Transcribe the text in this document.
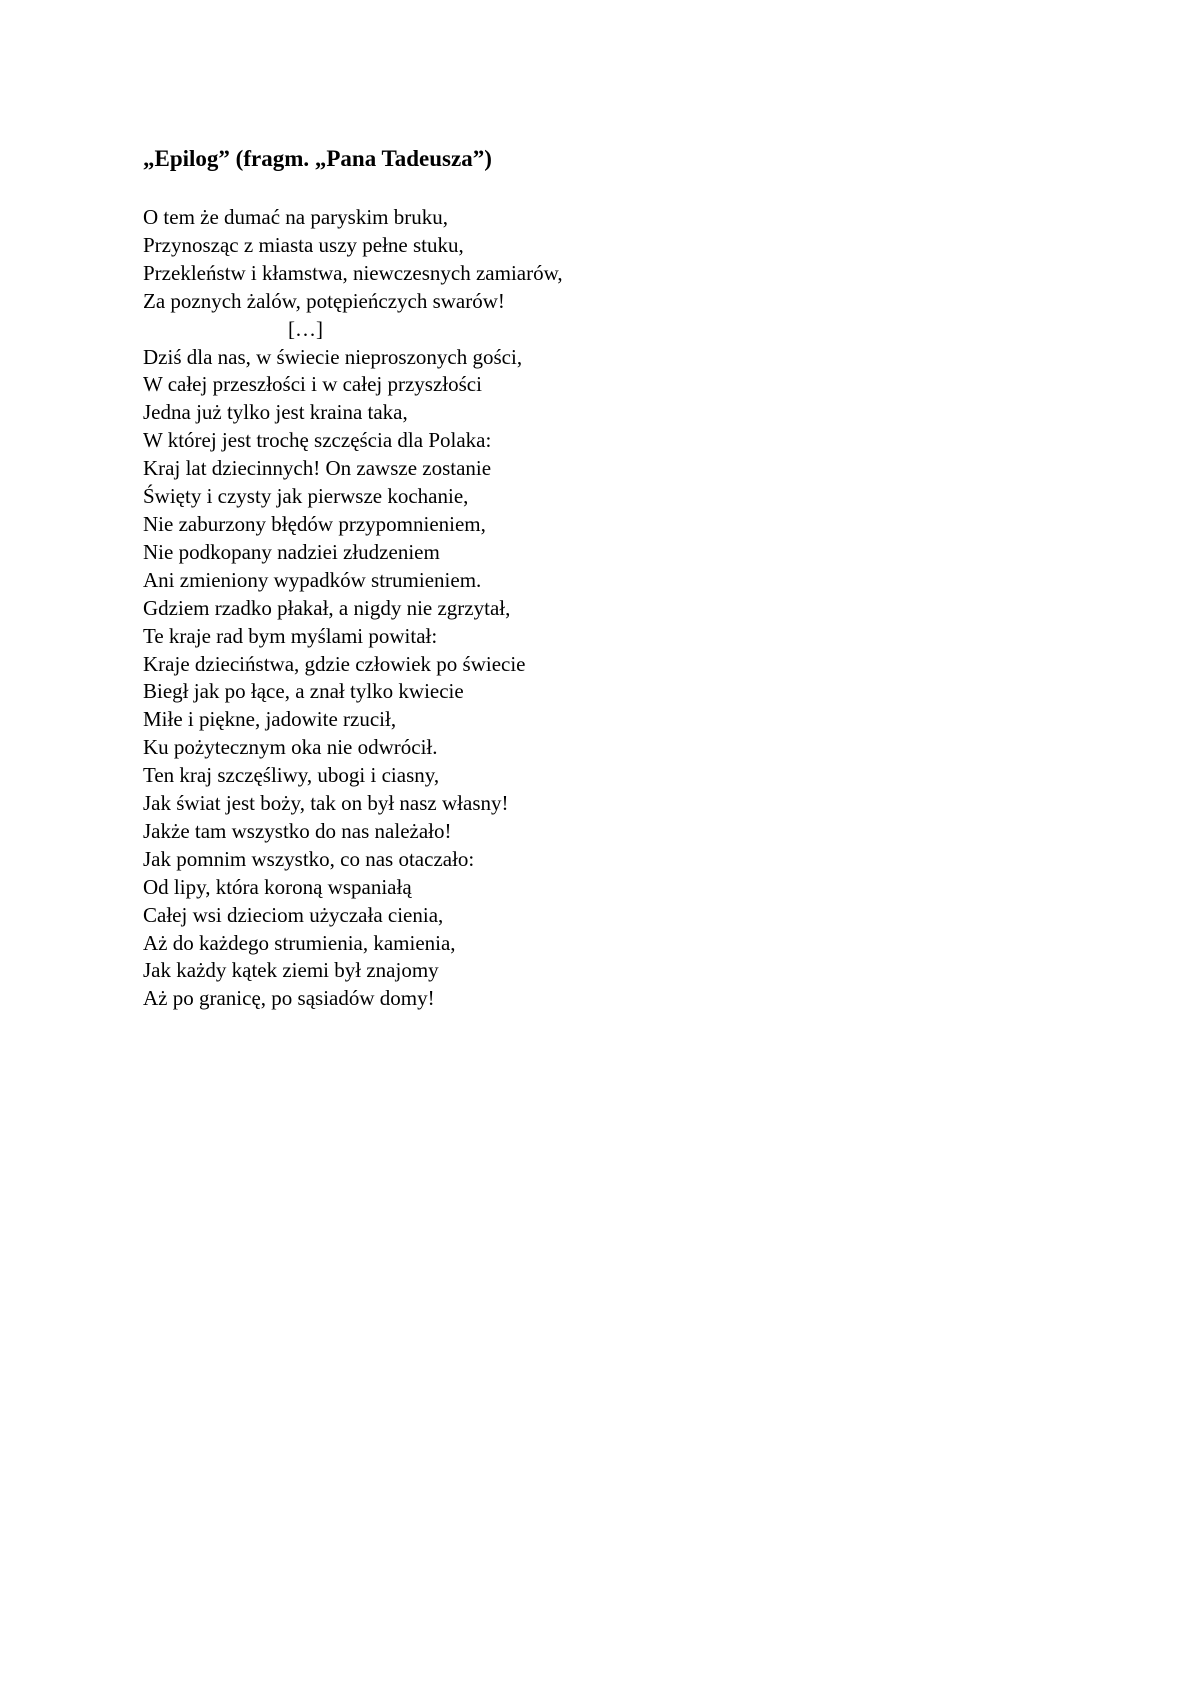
„Epilog” (fragm. „Pana Tadeusza”)
O tem że dumać na paryskim bruku,
Przynosząc z miasta uszy pełne stuku,
Przekleństw i kłamstwa, niewczesnych zamiarów,
Za poznych żalów, potępieńczych swarów!
[…]
Dziś dla nas, w świecie nieproszonych gości,
W całej przeszłości i w całej przyszłości
Jedna już tylko jest kraina taka,
W której jest trochę szczęścia dla Polaka:
Kraj lat dziecinnych! On zawsze zostanie
Święty i czysty jak pierwsze kochanie,
Nie zaburzony błędów przypomnieniem,
Nie podkopany nadziei złudzeniem
Ani zmieniony wypadków strumieniem.
Gdziem rzadko płakał, a nigdy nie zgrzytał,
Te kraje rad bym myślami powitał:
Kraje dzieciństwa, gdzie człowiek po świecie
Biegł jak po łące, a znał tylko kwiecie
Miłe i piękne, jadowite rzucił,
Ku pożytecznym oka nie odwrócił.
Ten kraj szczęśliwy, ubogi i ciasny,
Jak świat jest boży, tak on był nasz własny!
Jakże tam wszystko do nas należało!
Jak pomnim wszystko, co nas otaczało:
Od lipy, która koroną wspaniałą
Całej wsi dzieciom użyczała cienia,
Aż do każdego strumienia, kamienia,
Jak każdy kątek ziemi był znajomy
Aż po granicę, po sąsiadów domy!
